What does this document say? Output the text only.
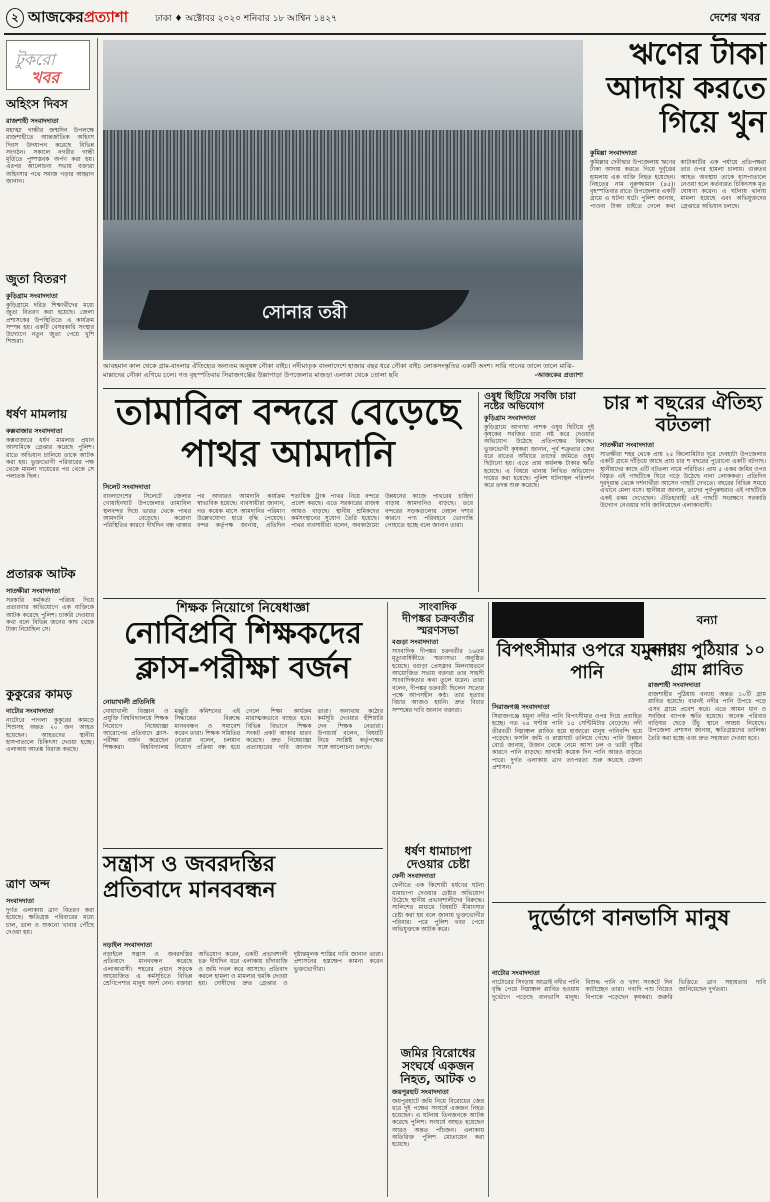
২ আজকেরপ্রত্যাশা	ঢাকা ♦ অক্টোবর ২০২০ শনিবার ১৮ আশ্বিন ১৪২৭	দেশের খবর
টুকরো
খবর
অহিংস দিবস
রাজশাহী সংবাদদাতা
মহাত্মা গান্ধীর জন্মদিন উপলক্ষে রাজশাহীতে আন্তর্জাতিক অহিংস দিবস উদযাপন করেছে বিভিন্ন সংগঠন। সকালে নগরীর গান্ধী মূর্তিতে পুষ্পস্তবক অর্পণ করা হয়। এরপর আলোচনা সভায় বক্তারা অহিংসার পথে সমাজ গড়ার আহ্বান জানান।
জুতা বিতরণ
কুড়িগ্রাম সংবাদদাতা
কুড়িগ্রামে দরিদ্র শিক্ষার্থীদের মধ্যে জুতা বিতরণ করা হয়েছে। জেলা প্রশাসকের উপস্থিতিতে এ কার্যক্রম সম্পন্ন হয়। একটি বেসরকারি সংস্থার উদ্যোগে নতুন জুতা পেয়ে খুশি শিশুরা।
ধর্ষণ মামলায়
কক্সবাজার সংবাদদাতা
কক্সবাজারে ধর্ষণ মামলার প্রধান আসামিকে গ্রেপ্তার করেছে পুলিশ। রাতে অভিযান চালিয়ে তাকে আটক করা হয়। ভুক্তভোগী পরিবারের পক্ষ থেকে মামলা দায়েরের পর থেকে সে পলাতক ছিল।
প্রতারক আটক
সাতক্ষীরা সংবাদদাতা
সরকারি কর্মকর্তা পরিচয় দিয়ে প্রতারণার অভিযোগে এক ব্যক্তিকে আটক করেছে পুলিশ। চাকরি দেওয়ার কথা বলে বিভিন্ন জনের কাছ থেকে টাকা নিয়েছিল সে।
কুকুরের কামড়
নাটোর সংবাদদাতা
নাটোরে পাগলা কুকুরের কামড়ে শিশুসহ অন্তত ২০ জন আহত হয়েছেন। আহতদের স্থানীয় হাসপাতালে চিকিৎসা দেওয়া হচ্ছে। এলাকায় আতঙ্ক বিরাজ করছে।
ত্রাণ অন্দ
সংবাদদাতা
দুর্গত এলাকায় ত্রাণ বিতরণ করা হয়েছে। ক্ষতিগ্রস্ত পরিবারের মধ্যে চাল, ডাল ও শুকনো খাবার পৌঁছে দেওয়া হয়।
সোনার তরী
আবহমান কাল থেকে গ্রাম-বাংলার ঐতিহ্যের অন্যতম অনুষঙ্গ নৌকা বাইচ। নদীমাতৃক বাংলাদেশে হাজার বছর ধরে নৌকা বাইচ লোকসংস্কৃতির একটি অংশ। সারি গানের তালে তালে মাঝি-মাল্লাদের নৌকা এগিয়ে চলে। গত বৃহস্পতিবার সিরাজগঞ্জের উল্লাপাড়া উপজেলার মাজড়া এলাকা থেকে তোলা ছবি	-আজকের প্রত্যাশা
ঋণের টাকা আদায় করতে গিয়ে খুন
কুমিল্লা সংবাদদাতা
কুমিল্লার দেবীদ্বার উপজেলায় ঋণের টাকা আদায় করতে গিয়ে দুর্বৃত্তের হামলায় এক ব্যক্তি নিহত হয়েছেন। নিহতের নাম নুরুজ্জামান (৪৫)। বৃহস্পতিবার রাতে উপজেলার একটি গ্রামে এ ঘটনা ঘটে। পুলিশ জানায়, পাওনা টাকা চাইতে গেলে কথা কাটাকাটির এক পর্যায়ে প্রতিপক্ষরা তার ওপর হামলা চালায়। গুরুতর আহত অবস্থায় তাকে হাসপাতালে নেওয়া হলে কর্তব্যরত চিকিৎসক মৃত ঘোষণা করেন। এ ঘটনায় থানায় মামলা হয়েছে এবং অভিযুক্তদের গ্রেপ্তারে অভিযান চলছে।
তামাবিল বন্দরে বেড়েছে পাথর আমদানি
সিলেট সংবাদদাতা
বাংলাদেশের সিলেটে জেলার গোয়াইনঘাট উপজেলার তামাবিল স্থলবন্দর দিয়ে ভারত থেকে পাথর আমদানি বেড়েছে। করোনা পরিস্থিতির কারণে দীর্ঘদিন বন্ধ থাকার পর আবারও আমদানি কার্যক্রম স্বাভাবিক হয়েছে। ব্যবসায়ীরা জানান, গত কয়েক মাসে আমদানির পরিমাণ উল্লেখযোগ্য হারে বৃদ্ধি পেয়েছে। বন্দর কর্তৃপক্ষ জানায়, প্রতিদিন শতাধিক ট্রাক পাথর নিয়ে বন্দরে প্রবেশ করছে। এতে সরকারের রাজস্ব আয়ও বাড়ছে। স্থানীয় শ্রমিকদের কর্মসংস্থানের সুযোগ তৈরি হয়েছে। পাথর ব্যবসায়ীরা বলেন, অবকাঠামো উন্নয়নের কাজে পাথরের চাহিদা বাড়ায় আমদানিও বাড়ছে। তবে বন্দরের সড়কগুলোর বেহাল দশার কারণে পণ্য পরিবহনে ভোগান্তি পোহাতে হচ্ছে বলে জানান তারা।
ওষুধ ছিটিয়ে সবজি চারা নষ্টের অভিযোগ
কুড়িগ্রাম সংবাদদাতা
কুড়িগ্রামে আগাছা নাশক ওষুধ ছিটিয়ে দুই কৃষকের সবজির চারা নষ্ট করে দেওয়ার অভিযোগ উঠেছে প্রতিপক্ষের বিরুদ্ধে। ভুক্তভোগী কৃষকরা জানান, পূর্ব শত্রুতার জের ধরে রাতের আঁধারে তাদের জমিতে ওষুধ ছিটানো হয়। এতে প্রায় অর্ধলক্ষ টাকার ক্ষতি হয়েছে। এ বিষয়ে থানায় লিখিত অভিযোগ দায়ের করা হয়েছে। পুলিশ ঘটনাস্থল পরিদর্শন করে তদন্ত শুরু করেছে।
চার শ বছরের ঐতিহ্য বটতলা
সাতক্ষীরা সংবাদদাতা
সাতক্ষীরা শহর থেকে প্রায় ২৫ কিলোমিটার দূরে দেবহাটা উপজেলার একটি গ্রামে দাঁড়িয়ে আছে প্রায় চার শ বছরের পুরোনো একটি বটগাছ। স্থানীয়দের কাছে এটি বটতলা নামে পরিচিত। প্রায় ৫ একর জমির ওপর বিস্তৃত এই গাছটিকে ঘিরে গড়ে উঠেছে নানা লোককথা। প্রতিদিন দূরদূরান্ত থেকে দর্শনার্থীরা আসেন গাছটি দেখতে। বছরের বিভিন্ন সময়ে এখানে মেলা বসে। স্থানীয়রা জানান, তাদের পূর্বপুরুষরাও এই গাছটিকে একই রকম দেখেছেন। ঐতিহ্যবাহী এই গাছটি সংরক্ষণে সরকারি উদ্যোগ নেওয়ার দাবি জানিয়েছেন এলাকাবাসী।
শিক্ষক নিয়োগে নিষেধাজ্ঞা
নোবিপ্রবি শিক্ষকদের ক্লাস-পরীক্ষা বর্জন
নোয়াখালী প্রতিনিধি
নোয়াখালী বিজ্ঞান ও প্রযুক্তি বিশ্ববিদ্যালয়ে শিক্ষক নিয়োগে নিষেধাজ্ঞা আরোপের প্রতিবাদে ক্লাস-পরীক্ষা বর্জন করেছেন শিক্ষকরা। বিশ্ববিদ্যালয় মঞ্জুরি কমিশনের এই সিদ্ধান্তের বিরুদ্ধে মানববন্ধন ও সমাবেশ করেন তারা। শিক্ষক সমিতির নেতারা বলেন, চলমান নিয়োগ প্রক্রিয়া বন্ধ হয়ে গেলে শিক্ষা কার্যক্রম মারাত্মকভাবে ব্যাহত হবে। বিভিন্ন বিভাগে শিক্ষক সংকট প্রকট আকার ধারণ করেছে। দ্রুত নিষেধাজ্ঞা প্রত্যাহারের দাবি জানান তারা। অন্যথায় কঠোর কর্মসূচি দেওয়ার হুঁশিয়ারি দেন শিক্ষক নেতারা। উপাচার্য বলেন, বিষয়টি নিয়ে সংশ্লিষ্ট কর্তৃপক্ষের সঙ্গে আলোচনা চলছে।
সন্ত্রাস ও জবরদস্তির প্রতিবাদে মানববন্ধন
নড়াইল সংবাদদাতা
নড়াইলে সন্ত্রাস ও জবরদস্তির প্রতিবাদে মানববন্ধন করেছে এলাকাবাসী। শহরের প্রধান সড়কে আয়োজিত এ কর্মসূচিতে বিভিন্ন শ্রেণিপেশার মানুষ অংশ নেন। বক্তারা অভিযোগ করেন, একটি প্রভাবশালী চক্র দীর্ঘদিন ধরে এলাকায় চাঁদাবাজি ও জমি দখল করে আসছে। প্রতিবাদ করলে হামলা ও মামলার হুমকি দেওয়া হয়। দোষীদের দ্রুত গ্রেপ্তার ও দৃষ্টান্তমূলক শাস্তির দাবি জানান তারা। প্রশাসনের হস্তক্ষেপ কামনা করেন ভুক্তভোগীরা।
সাংবাদিক
দীপঙ্কর চক্রবর্তীর স্মরণসভা
বগুড়া সংবাদদাতা
সাংবাদিক দীপঙ্কর চক্রবর্তীর ১৬তম মৃত্যুবার্ষিকীতে স্মরণসভা অনুষ্ঠিত হয়েছে। বগুড়া প্রেসক্লাব মিলনায়তনে আয়োজিত সভায় বক্তারা তার সাহসী সাংবাদিকতার কথা তুলে ধরেন। তারা বলেন, দীপঙ্কর চক্রবর্তী ছিলেন সত্যের পক্ষে আপসহীন কণ্ঠ। তার হত্যার বিচার আজও হয়নি। দ্রুত বিচার সম্পন্নের দাবি জানান বক্তারা।
ধর্ষণ ধামাচাপা দেওয়ার চেষ্টা
ফেনী সংবাদদাতা
ফেনীতে এক কিশোরী ধর্ষণের ঘটনা ধামাচাপা দেওয়ার চেষ্টার অভিযোগ উঠেছে স্থানীয় প্রভাবশালীদের বিরুদ্ধে। সালিশের মাধ্যমে বিষয়টি মীমাংসার চেষ্টা করা হয় বলে জানায় ভুক্তভোগীর পরিবার। পরে পুলিশ খবর পেয়ে অভিযুক্তকে আটক করে।
জমির বিরোধের সংঘর্ষে একজন নিহত, আটক ৩
জয়পুরহাট সংবাদদাতা
জয়পুরহাটে জমি নিয়ে বিরোধের জের ধরে দুই পক্ষের সংঘর্ষে একজন নিহত হয়েছেন। এ ঘটনায় তিনজনকে আটক করেছে পুলিশ। সংঘর্ষে আহত হয়েছেন আরও অন্তত পাঁচজন। এলাকায় অতিরিক্ত পুলিশ মোতায়েন করা হয়েছে।
বন্যা
বিপৎসীমার ওপরে যমুনার পানি
সিরাজগঞ্জ সংবাদদাতা
সিরাজগঞ্জে যমুনা নদীর পানি বিপৎসীমার ওপর দিয়ে প্রবাহিত হচ্ছে। গত ২৪ ঘণ্টায় পানি ১৫ সেন্টিমিটার বেড়েছে। নদী তীরবর্তী নিম্নাঞ্চল প্লাবিত হয়ে হাজারো মানুষ পানিবন্দি হয়ে পড়েছে। ফসলি জমি ও রাস্তাঘাট তলিয়ে গেছে। পানি উন্নয়ন বোর্ড জানায়, উজান থেকে নেমে আসা ঢল ও ভারী বৃষ্টির কারণে পানি বাড়ছে। আগামী কয়েক দিন পানি আরও বাড়তে পারে। দুর্গত এলাকায় ত্রাণ তৎপরতা শুরু করেছে জেলা প্রশাসন।
বন্যায় পুঠিয়ার ১০ গ্রাম প্লাবিত
রাজশাহী সংবাদদাতা
রাজশাহীর পুঠিয়ায় বন্যায় অন্তত ১০টি গ্রাম প্লাবিত হয়েছে। বারনই নদীর পানি উপচে পড়ে এসব গ্রামে প্রবেশ করে। এতে আমন ধান ও সবজির ব্যাপক ক্ষতি হয়েছে। অনেক পরিবার বাড়িঘর ছেড়ে উঁচু স্থানে আশ্রয় নিয়েছে। উপজেলা প্রশাসন জানায়, ক্ষতিগ্রস্তদের তালিকা তৈরি করা হচ্ছে এবং দ্রুত সহায়তা দেওয়া হবে।
দুর্ভোগে বানভাসি মানুষ
নাটোর সংবাদদাতা
নাটোরের সিংড়ায় আত্রাই নদীর পানি বৃদ্ধি পেয়ে নিম্নাঞ্চল প্লাবিত হওয়ায় দুর্ভোগে পড়েছে বানভাসি মানুষ। বিশুদ্ধ পানি ও খাদ্য সংকটে দিন কাটাচ্ছেন তারা। গবাদি পশু নিয়েও বিপাকে পড়েছেন কৃষকরা। জরুরি ভিত্তিতে ত্রাণ সহায়তার দাবি জানিয়েছেন দুর্গতরা।
